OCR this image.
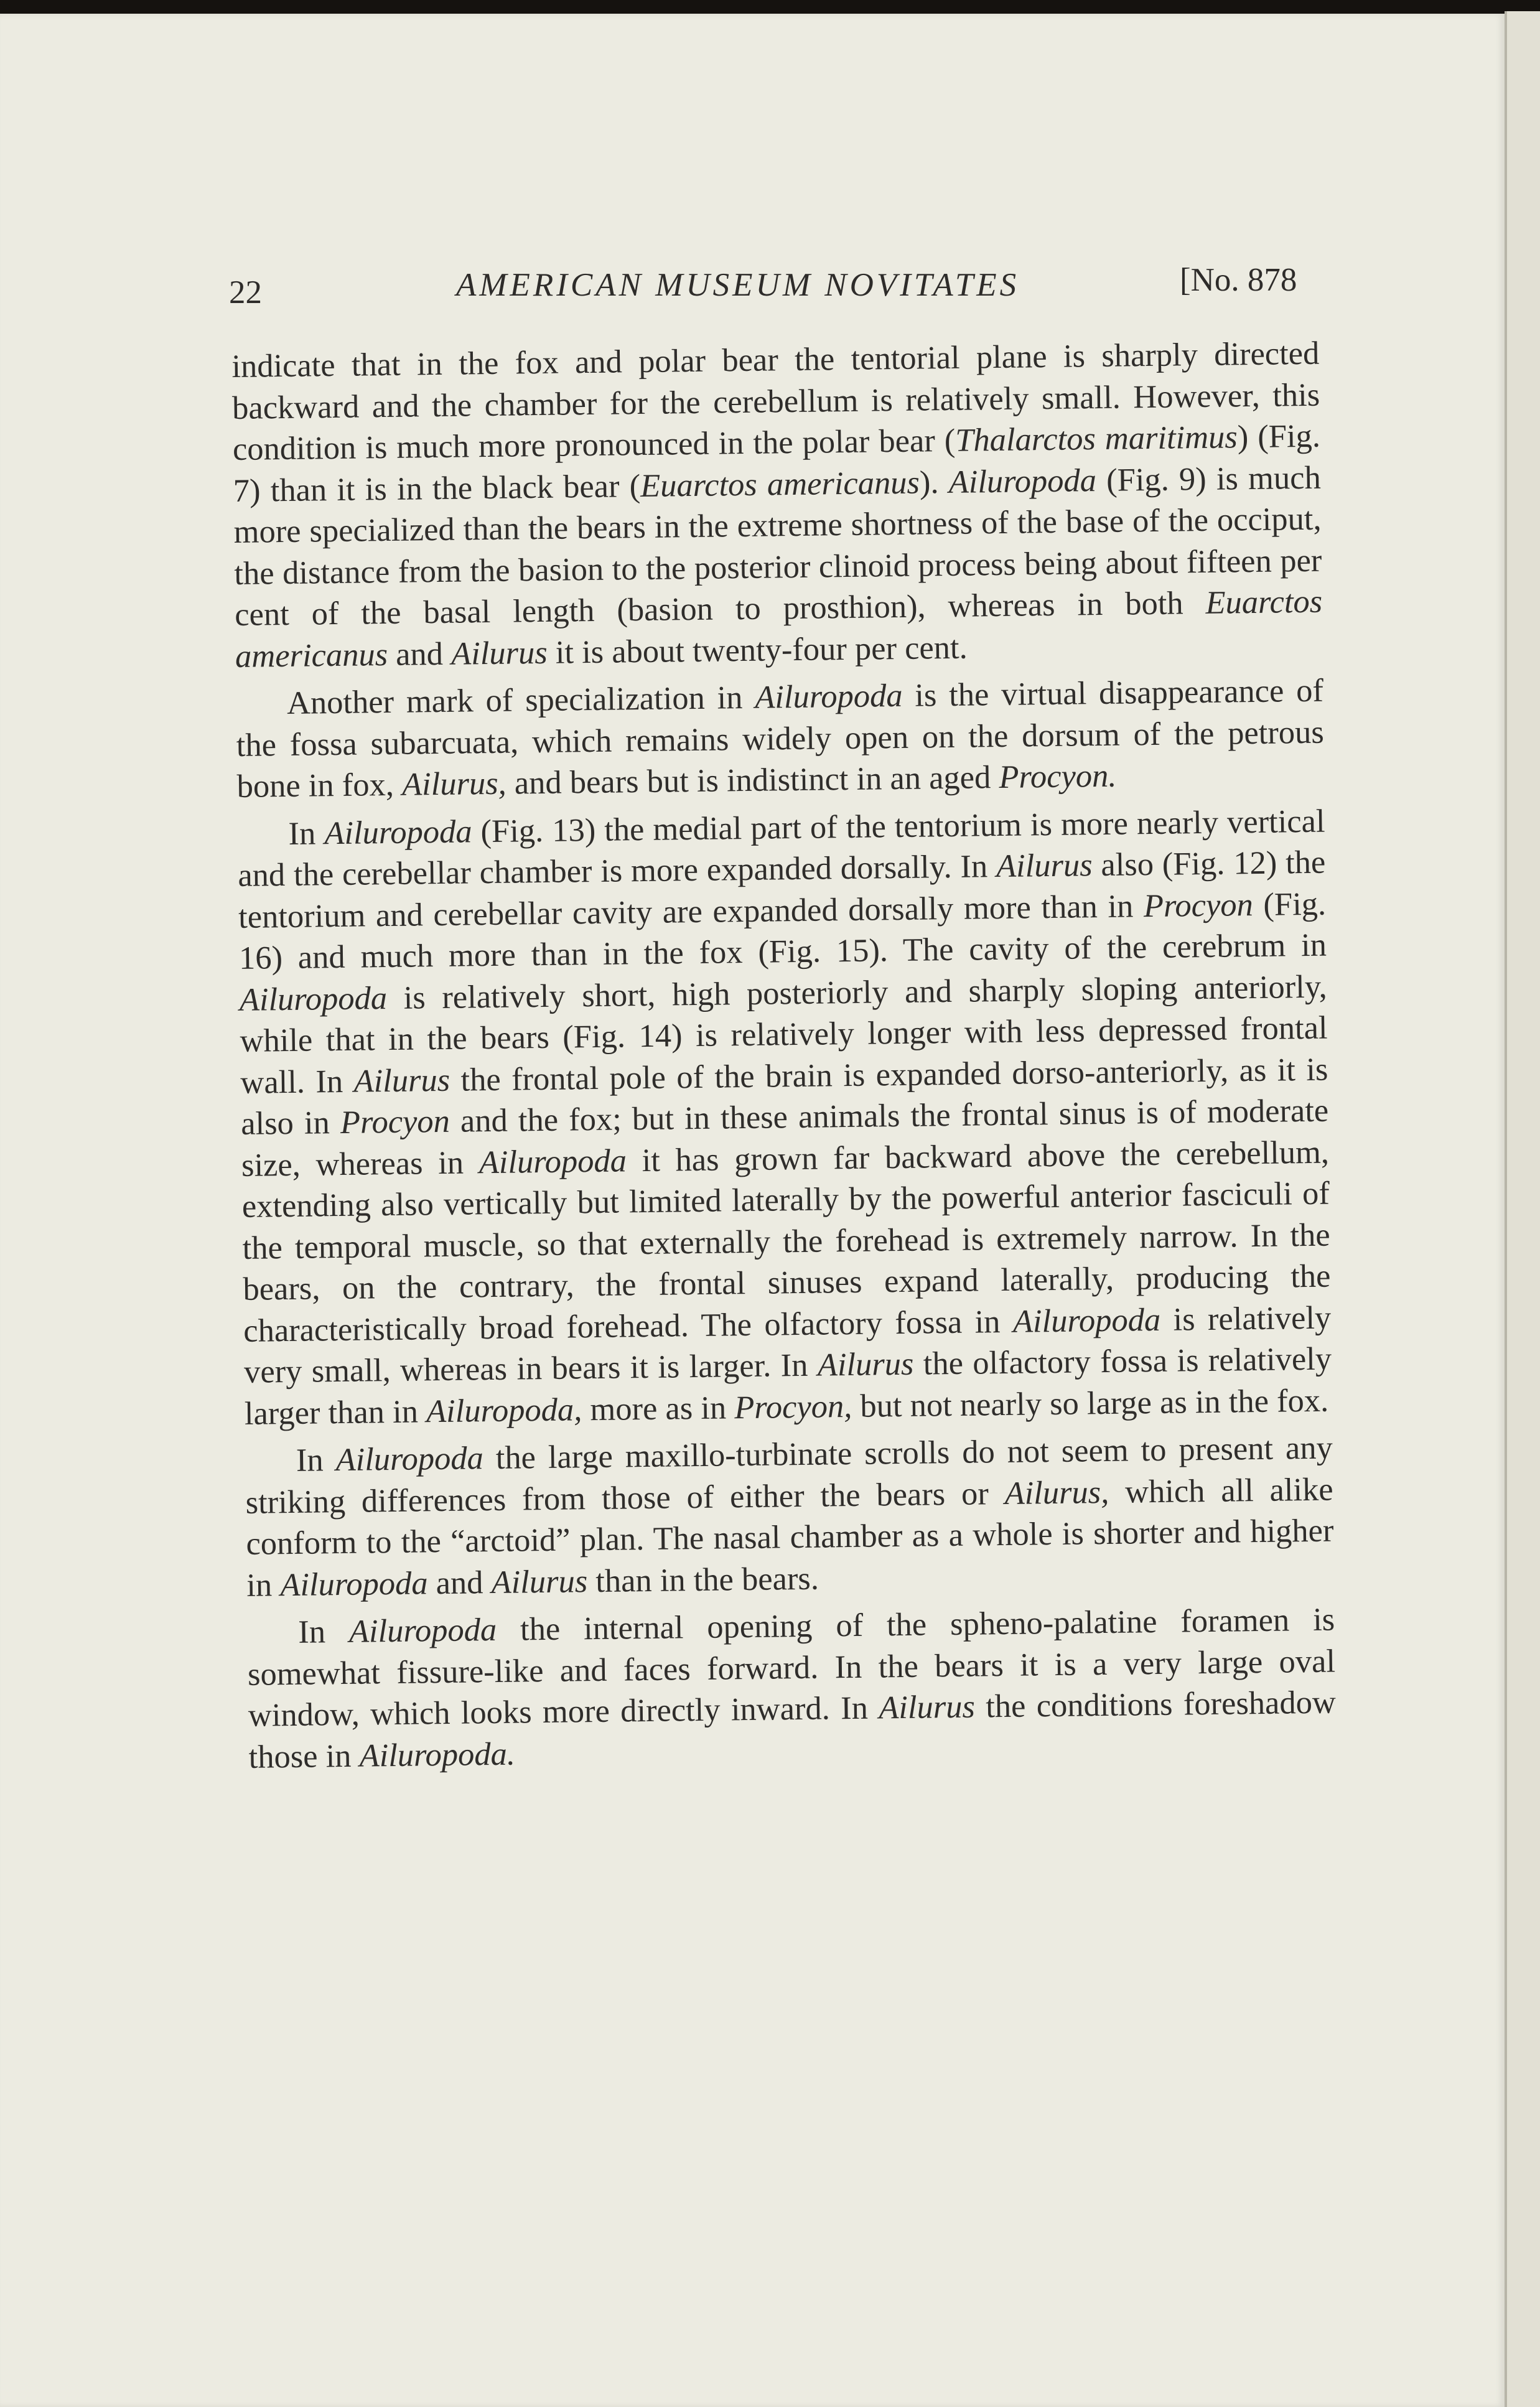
22	AMERICAN MUSEUM NOVITATES	[No. 878

indicate that in the fox and polar bear the tentorial plane is sharply directed backward and the chamber for the cerebellum is relatively small. However, this condition is much more pronounced in the polar bear (Thalarctos maritimus) (Fig. 7) than it is in the black bear (Euarctos americanus). Ailuropoda (Fig. 9) is much more specialized than the bears in the extreme shortness of the base of the occiput, the distance from the basion to the posterior clinoid process being about fifteen per cent of the basal length (basion to prosthion), whereas in both Euarctos americanus and Ailurus it is about twenty-four per cent.

Another mark of specialization in Ailuropoda is the virtual disappearance of the fossa subarcuata, which remains widely open on the dorsum of the petrous bone in fox, Ailurus, and bears but is indistinct in an aged Procyon.

In Ailuropoda (Fig. 13) the medial part of the tentorium is more nearly vertical and the cerebellar chamber is more expanded dorsally. In Ailurus also (Fig. 12) the tentorium and cerebellar cavity are expanded dorsally more than in Procyon (Fig. 16) and much more than in the fox (Fig. 15). The cavity of the cerebrum in Ailuropoda is relatively short, high posteriorly and sharply sloping anteriorly, while that in the bears (Fig. 14) is relatively longer with less depressed frontal wall. In Ailurus the frontal pole of the brain is expanded dorso-anteriorly, as it is also in Procyon and the fox; but in these animals the frontal sinus is of moderate size, whereas in Ailuropoda it has grown far backward above the cerebellum, extending also vertically but limited laterally by the powerful anterior fasciculi of the temporal muscle, so that externally the forehead is extremely narrow. In the bears, on the contrary, the frontal sinuses expand laterally, producing the characteristically broad forehead. The olfactory fossa in Ailuropoda is relatively very small, whereas in bears it is larger. In Ailurus the olfactory fossa is relatively larger than in Ailuropoda, more as in Procyon, but not nearly so large as in the fox.

In Ailuropoda the large maxillo-turbinate scrolls do not seem to present any striking differences from those of either the bears or Ailurus, which all alike conform to the “arctoid” plan. The nasal chamber as a whole is shorter and higher in Ailuropoda and Ailurus than in the bears.

In Ailuropoda the internal opening of the spheno-palatine foramen is somewhat fissure-like and faces forward. In the bears it is a very large oval window, which looks more directly inward. In Ailurus the conditions foreshadow those in Ailuropoda.
